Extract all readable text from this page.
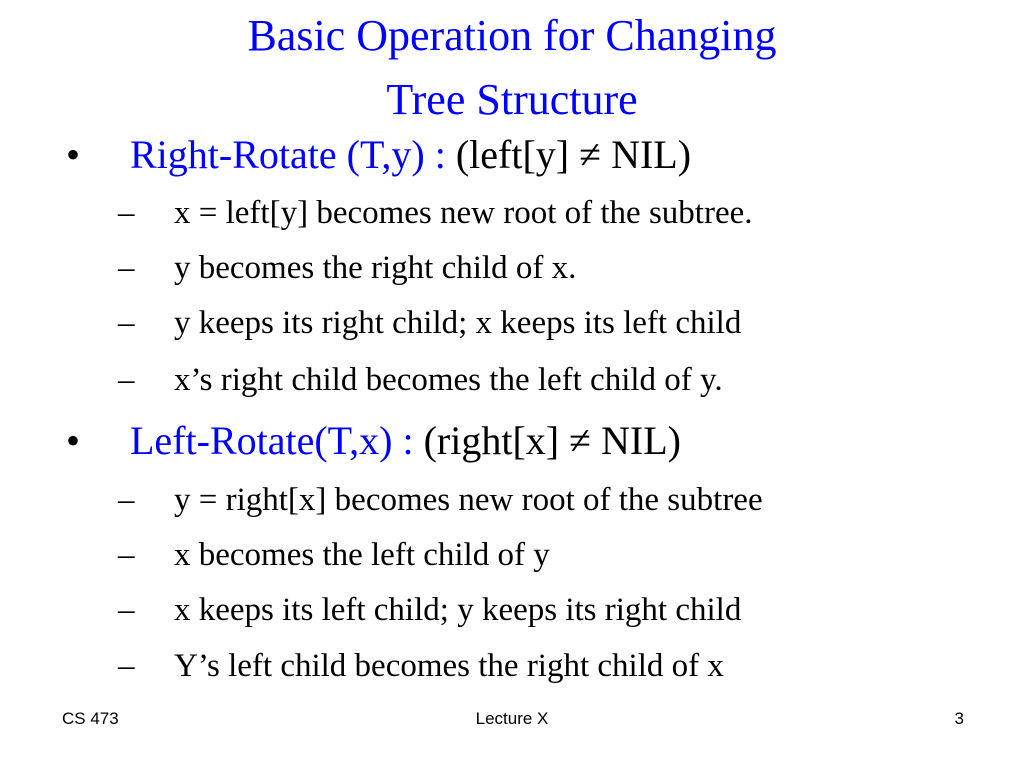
Basic Operation for Changing
Tree Structure
• Right-Rotate (T,y) : (left[y] ≠ NIL)
– x = left[y] becomes new root of the subtree.
– y becomes the right child of x.
– y keeps its right child; x keeps its left child
– x’s right child becomes the left child of y.
• Left-Rotate(T,x) : (right[x] ≠ NIL)
– y = right[x] becomes new root of the subtree
– x becomes the left child of y
– x keeps its left child; y keeps its right child
– Y’s left child becomes the right child of x
CS 473	Lecture X	3
